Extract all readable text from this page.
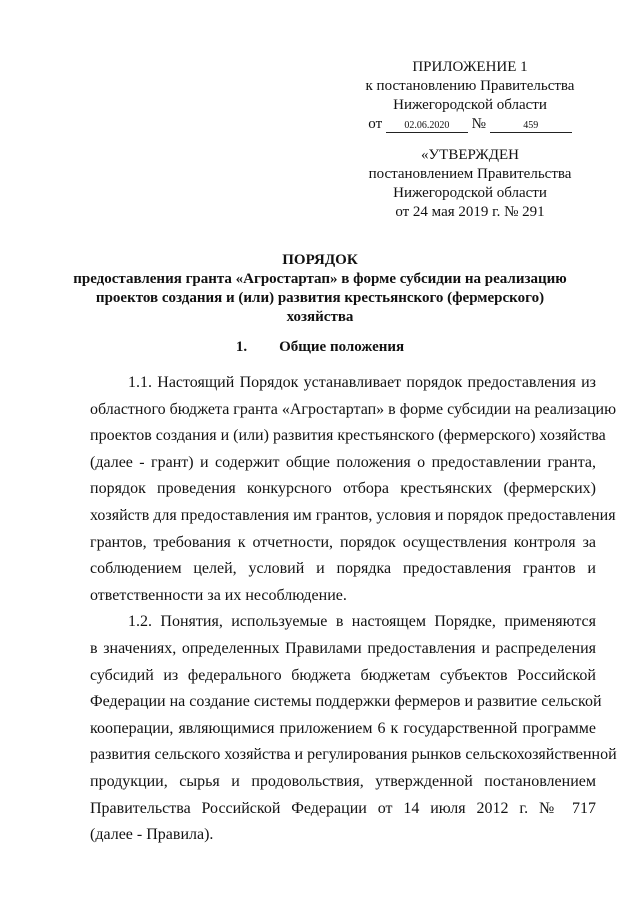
ПРИЛОЖЕНИЕ 1
к постановлению Правительства
Нижегородской области
от 02.06.2020 №	459
«УТВЕРЖДЕН
постановлением Правительства
Нижегородской области
от 24 мая 2019 г. № 291
ПОРЯДОК
предоставления гранта «Агростартап» в форме субсидии на реализацию
проектов создания и (или) развития крестьянского (фермерского)
хозяйства
1. Общие положения
1.1. Настоящий Порядок устанавливает порядок предоставления из
областного бюджета гранта «Агростартап» в форме субсидии на реализацию
проектов создания и (или) развития крестьянского (фермерского) хозяйства
(далее - грант) и содержит общие положения о предоставлении гранта,
порядок проведения конкурсного отбора крестьянских (фермерских)
хозяйств для предоставления им грантов, условия и порядок предоставления
грантов, требования к отчетности, порядок осуществления контроля за
соблюдением целей, условий и порядка предоставления грантов и
ответственности за их несоблюдение.
1.2. Понятия, используемые в настоящем Порядке, применяются
в значениях, определенных Правилами предоставления и распределения
субсидий из федерального бюджета бюджетам субъектов Российской
Федерации на создание системы поддержки фермеров и развитие сельской
кооперации, являющимися приложением 6 к государственной программе
развития сельского хозяйства и регулирования рынков сельскохозяйственной
продукции, сырья и продовольствия, утвержденной постановлением
Правительства Российской Федерации от 14 июля 2012 г. № 717
(далее - Правила).
